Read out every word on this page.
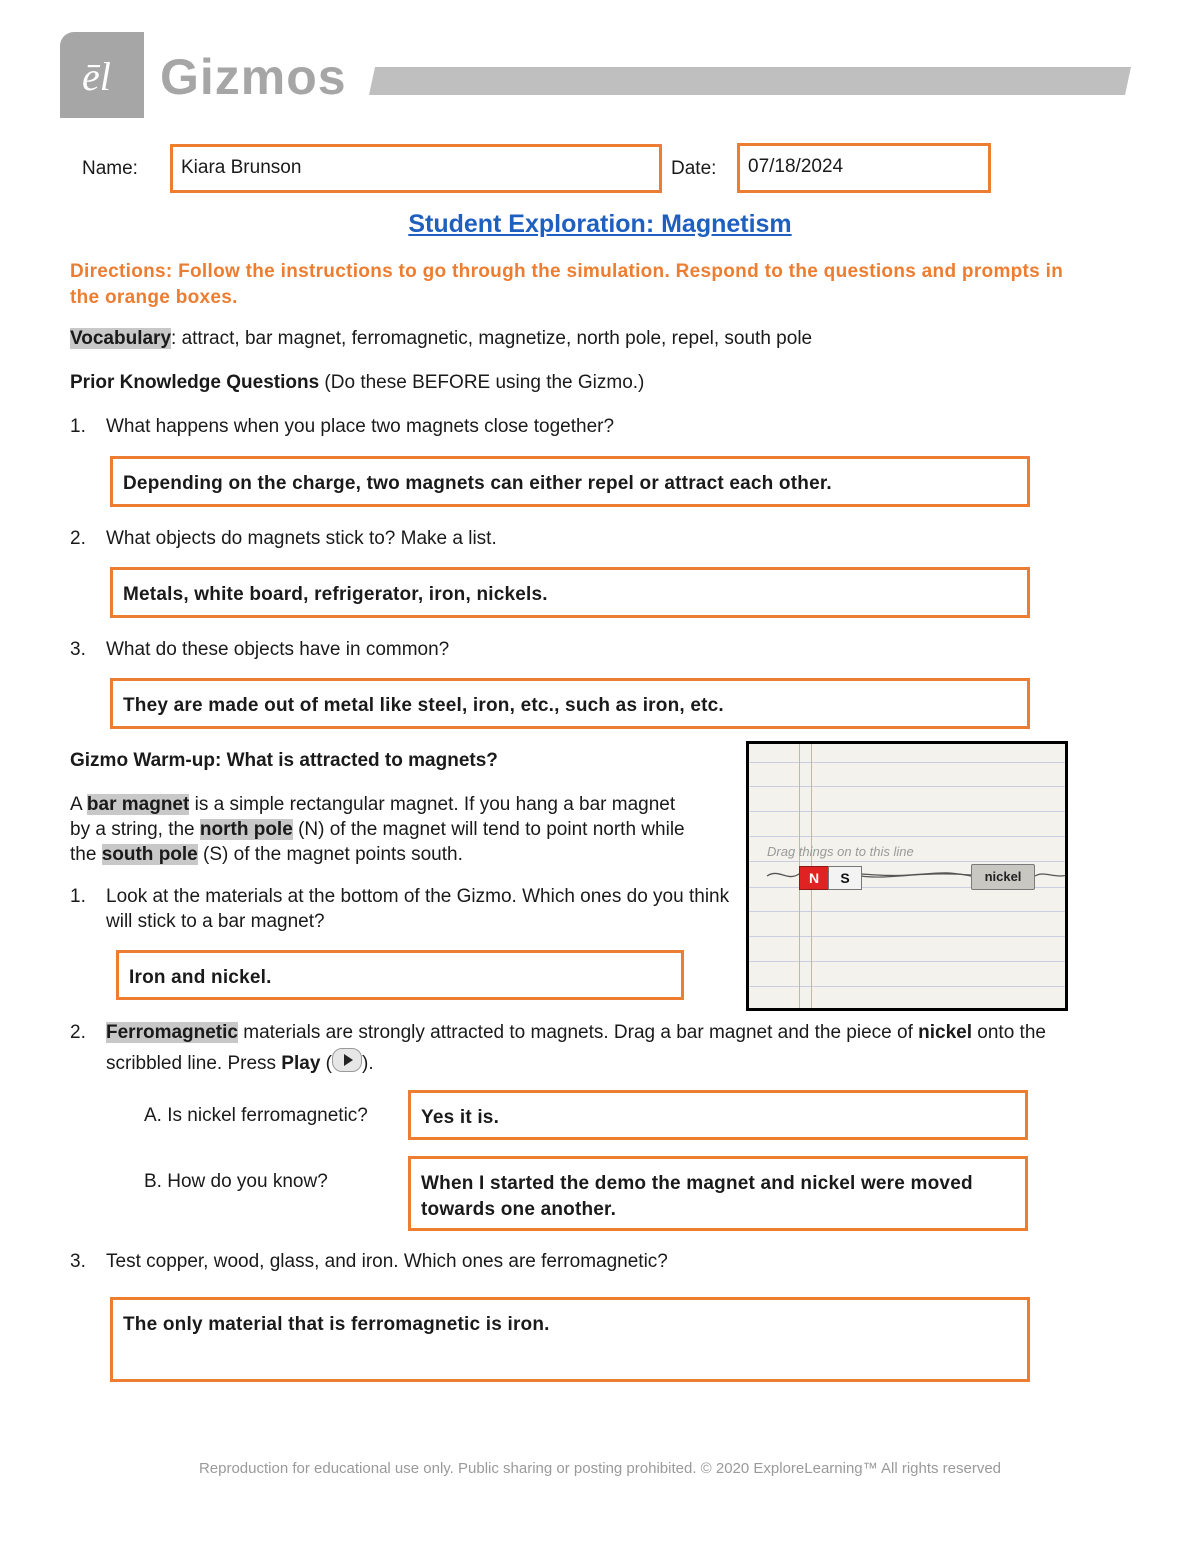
ēl Gizmos
Name:	Kiara Brunson	Date:	07/18/2024
Student Exploration: Magnetism
Directions: Follow the instructions to go through the simulation. Respond to the questions and prompts in the orange boxes.
Vocabulary: attract, bar magnet, ferromagnetic, magnetize, north pole, repel, south pole
Prior Knowledge Questions (Do these BEFORE using the Gizmo.)
1. What happens when you place two magnets close together?
Depending on the charge, two magnets can either repel or attract each other.
2. What objects do magnets stick to? Make a list.
Metals, white board, refrigerator, iron, nickels.
3. What do these objects have in common?
They are made out of metal like steel, iron, etc., such as iron, etc.
Gizmo Warm-up: What is attracted to magnets?
A bar magnet is a simple rectangular magnet. If you hang a bar magnet by a string, the north pole (N) of the magnet will tend to point north while the south pole (S) of the magnet points south.
1. Look at the materials at the bottom of the Gizmo. Which ones do you think will stick to a bar magnet?
Iron and nickel.
Drag things on to this line
N	S	nickel
2. Ferromagnetic materials are strongly attracted to magnets. Drag a bar magnet and the piece of nickel onto the scribbled line. Press Play ( ).
A. Is nickel ferromagnetic?	Yes it is.
B. How do you know?	When I started the demo the magnet and nickel were moved towards one another.
3. Test copper, wood, glass, and iron. Which ones are ferromagnetic?
The only material that is ferromagnetic is iron.
Reproduction for educational use only. Public sharing or posting prohibited. © 2020 ExploreLearning™ All rights reserved
